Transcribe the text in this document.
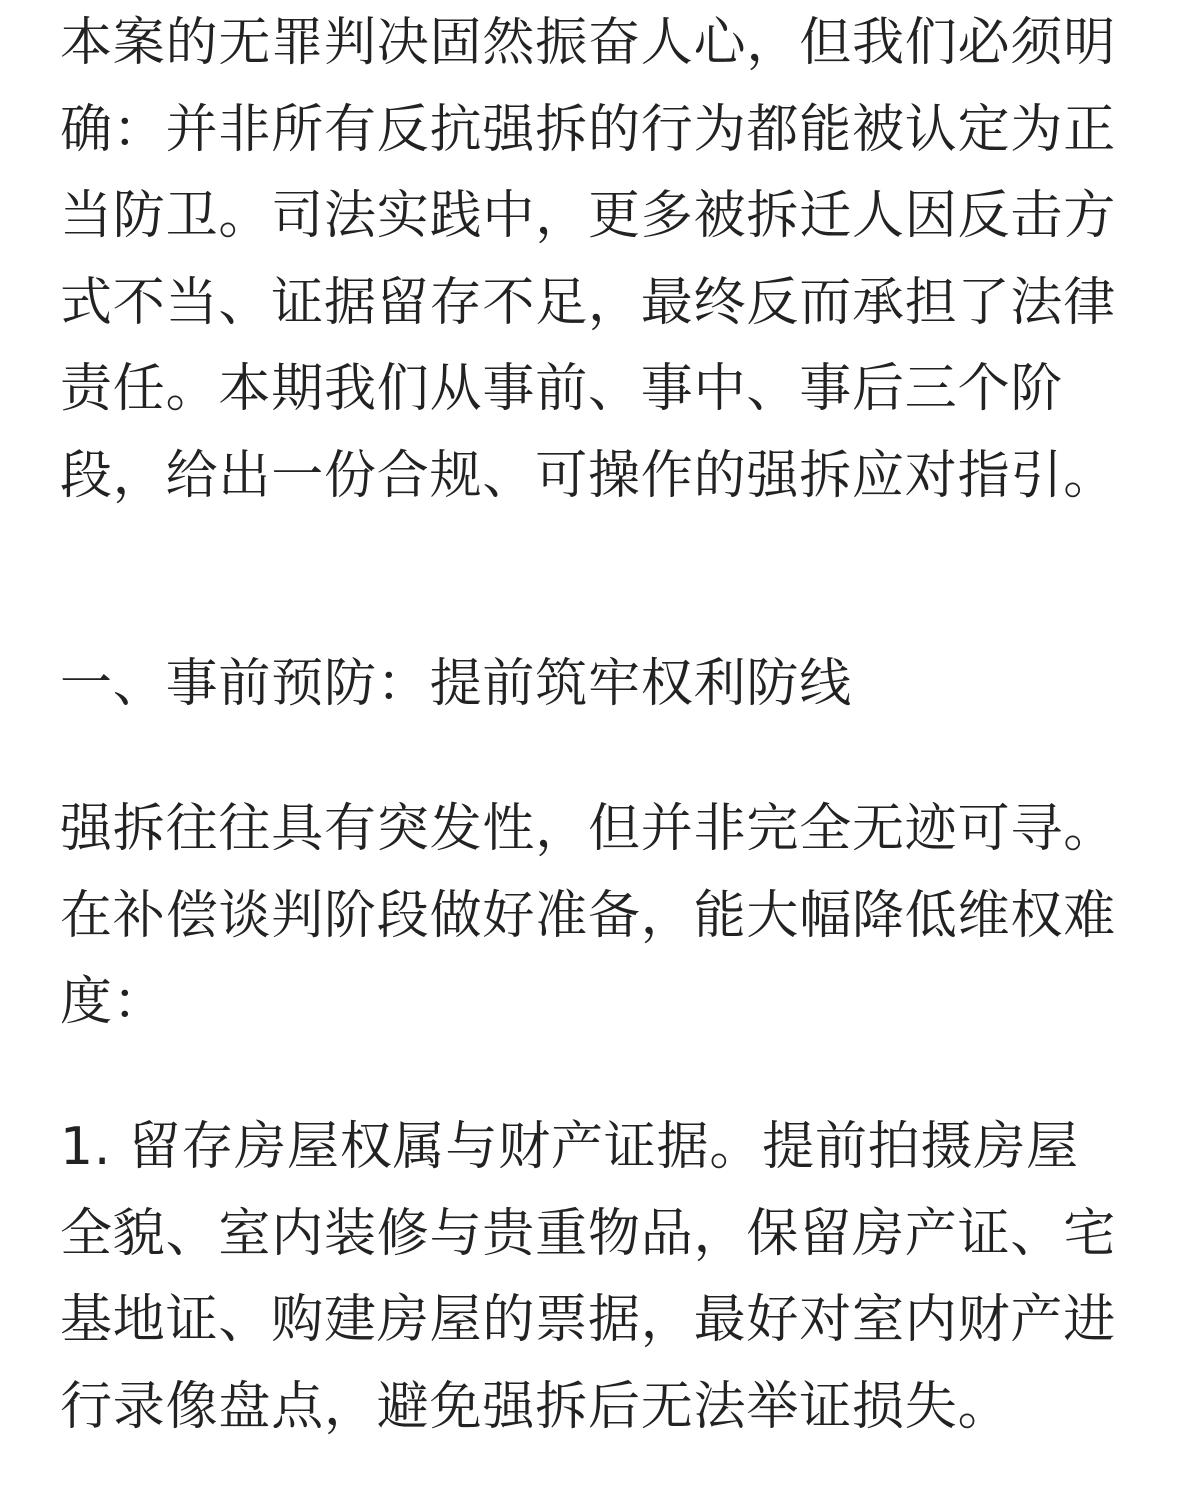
本案的无罪判决固然振奋人心，但我们必须明确：并非所有反抗强拆的行为都能被认定为正当防卫。司法实践中，更多被拆迁人因反击方式不当、证据留存不足，最终反而承担了法律责任。本期我们从事前、事中、事后三个阶段，给出一份合规、可操作的强拆应对指引。

一、事前预防：提前筑牢权利防线

强拆往往具有突发性，但并非完全无迹可寻。在补偿谈判阶段做好准备，能大幅降低维权难度：

1. 留存房屋权属与财产证据。提前拍摄房屋全貌、室内装修与贵重物品，保留房产证、宅基地证、购建房屋的票据，最好对室内财产进行录像盘点，避免强拆后无法举证损失。
